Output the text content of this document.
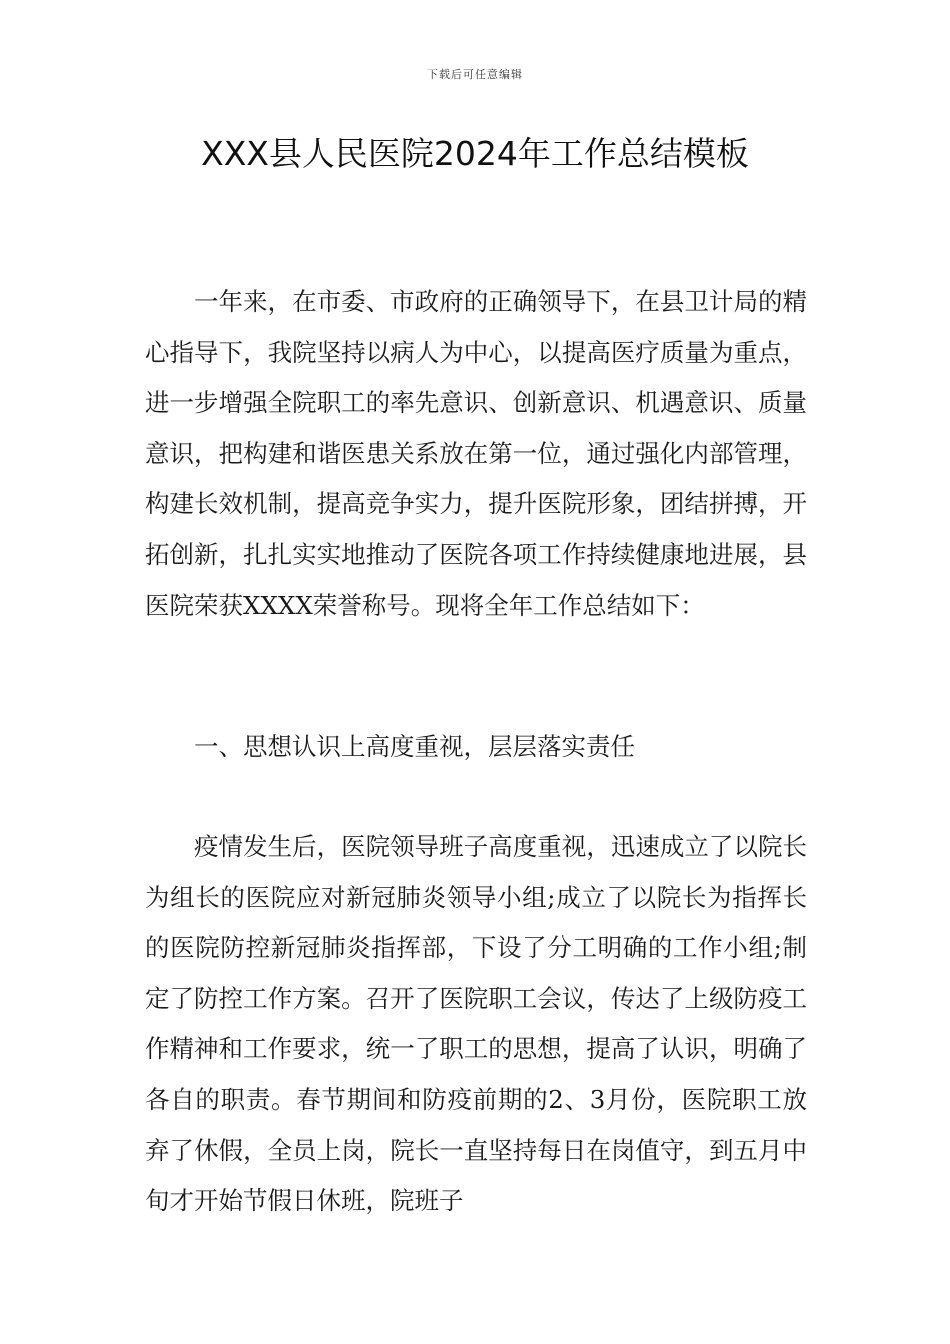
下载后可任意编辑
XXX县人民医院2024年工作总结模板

一年来，在市委、市政府的正确领导下，在县卫计局的精心指导下，我院坚持以病人为中心，以提高医疗质量为重点，进一步增强全院职工的率先意识、创新意识、机遇意识、质量意识，把构建和谐医患关系放在第一位，通过强化内部管理，构建长效机制，提高竞争实力，提升医院形象，团结拼搏，开拓创新，扎扎实实地推动了医院各项工作持续健康地进展，县医院荣获XXXX荣誉称号。现将全年工作总结如下：

一、思想认识上高度重视，层层落实责任

疫情发生后，医院领导班子高度重视，迅速成立了以院长为组长的医院应对新冠肺炎领导小组;成立了以院长为指挥长的医院防控新冠肺炎指挥部，下设了分工明确的工作小组;制定了防控工作方案。召开了医院职工会议，传达了上级防疫工作精神和工作要求，统一了职工的思想，提高了认识，明确了各自的职责。春节期间和防疫前期的2、3月份，医院职工放弃了休假，全员上岗，院长一直坚持每日在岗值守，到五月中旬才开始节假日休班，院班子
